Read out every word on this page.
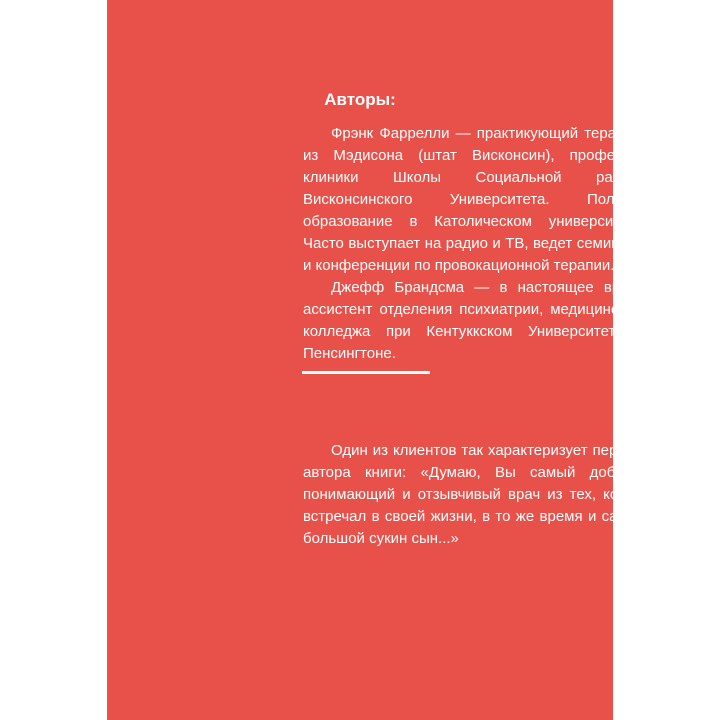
Авторы:

Фрэнк Фаррелли — практикующий терапевт из Мэдисона (штат Висконсин), профессор клиники Школы Социальной работы Висконсинского Университета. Получил образование в Католическом университете. Часто выступает на радио и ТВ, ведет семинары и конференции по провокационной терапии.

Джефф Брандсма — в настоящее время ассистент отделения психиатрии, медицинского колледжа при Кентуккском Университете в Пенсингтоне.

Один из клиентов так характеризует первого автора книги: «Думаю, Вы самый добрый, понимающий и отзывчивый врач из тех, кого я встречал в своей жизни, в то же время и самый большой сукин сын...»
